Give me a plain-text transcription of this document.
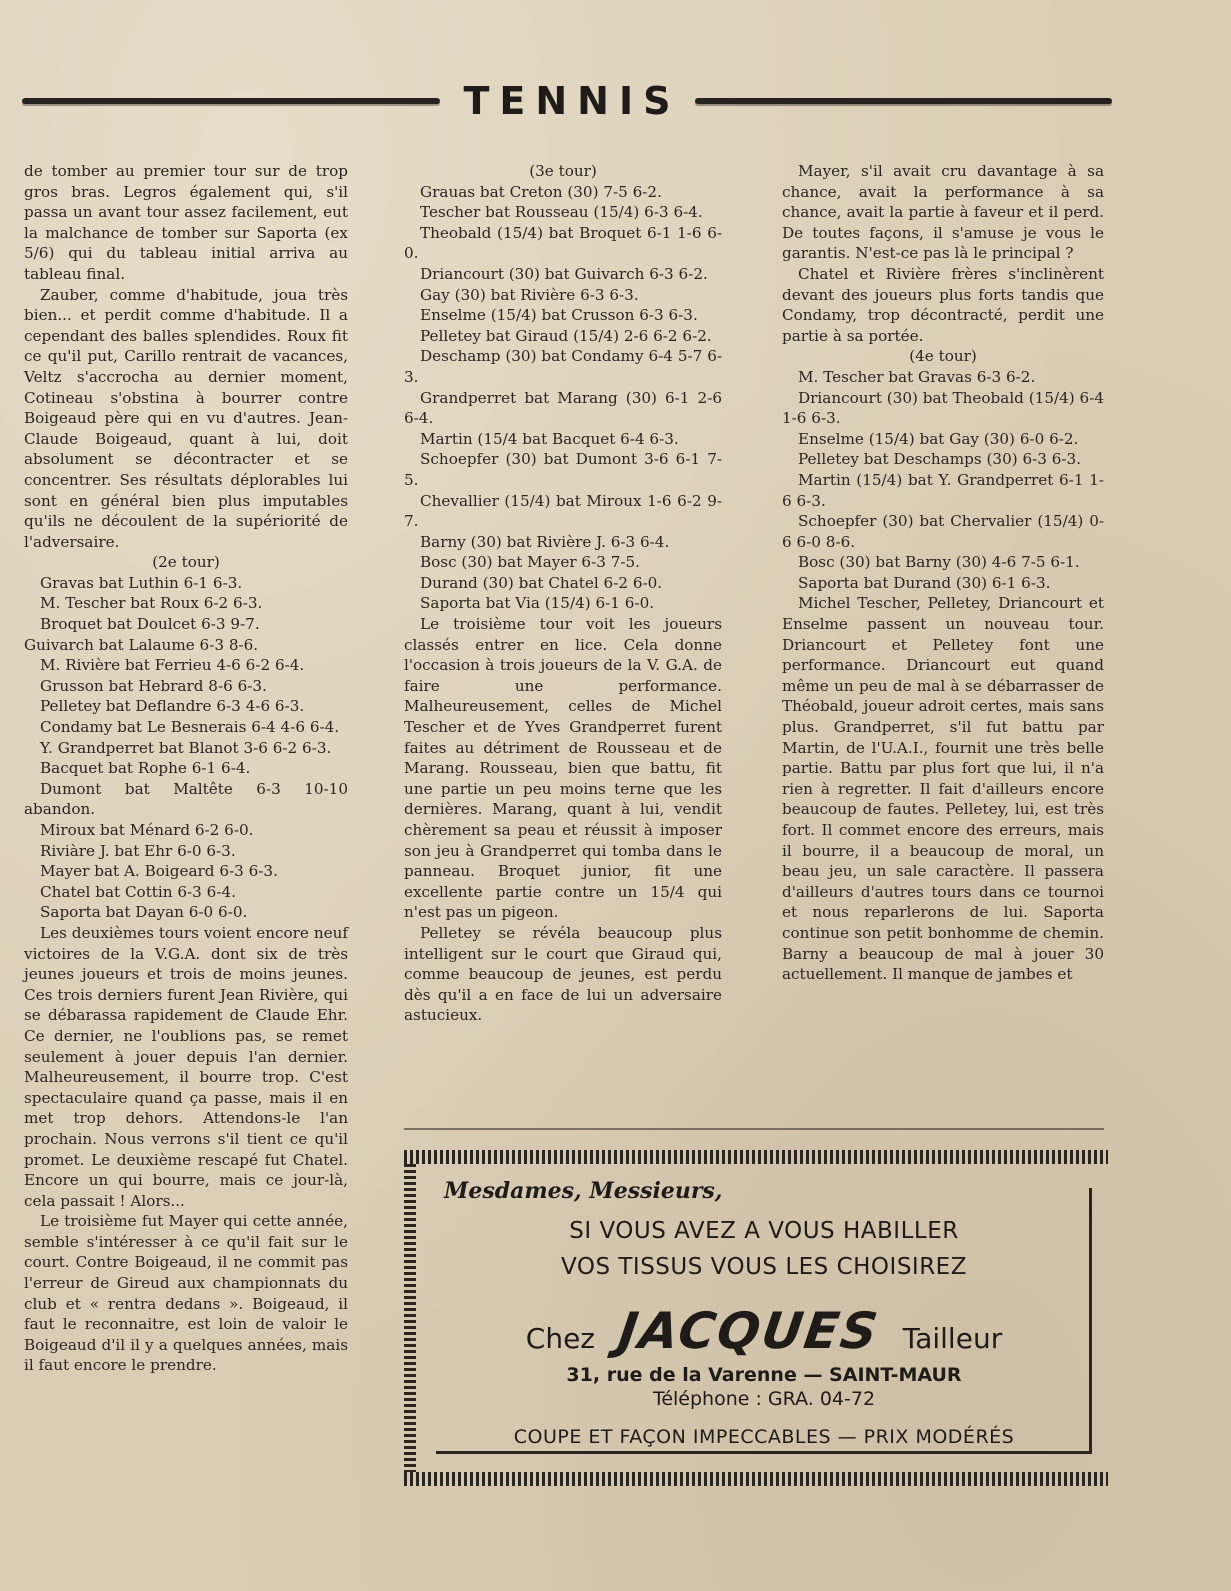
TENNIS

de tomber au premier tour sur de trop gros bras. Legros également qui, s'il passa un avant tour assez facilement, eut la malchance de tomber sur Saporta (ex 5/6) qui du tableau initial arriva au tableau final.

Zauber, comme d'habitude, joua très bien... et perdit comme d'habitude. Il a cependant des balles splendides. Roux fit ce qu'il put, Carillo rentrait de vacances, Veltz s'accrocha au dernier moment, Cotineau s'obstina à bourrer contre Boigeaud père qui en vu d'autres. Jean-Claude Boigeaud, quant à lui, doit absolument se décontracter et se concentrer. Ses résultats déplorables lui sont en général bien plus imputables qu'ils ne découlent de la supériorité de l'adversaire.

(2e tour)

Gravas bat Luthin 6-1 6-3.

M. Tescher bat Roux 6-2 6-3.

Broquet bat Doulcet 6-3 9-7.

Guivarch bat Lalaume 6-3 8-6.

M. Rivière bat Ferrieu 4-6 6-2 6-4.

Grusson bat Hebrard 8-6 6-3.

Pelletey bat Deflandre 6-3 4-6 6-3.

Condamy bat Le Besnerais 6-4 4-6 6-4.

Y. Grandperret bat Blanot 3-6 6-2 6-3.

Bacquet bat Rophe 6-1 6-4.

Dumont bat Maltête 6-3 10-10 abandon.

Miroux bat Ménard 6-2 6-0.

Riviàre J. bat Ehr 6-0 6-3.

Mayer bat A. Boigeard 6-3 6-3.

Chatel bat Cottin 6-3 6-4.

Saporta bat Dayan 6-0 6-0.

Les deuxièmes tours voient encore neuf victoires de la V.G.A. dont six de très jeunes joueurs et trois de moins jeunes. Ces trois derniers furent Jean Rivière, qui se débarassa rapidement de Claude Ehr. Ce dernier, ne l'oublions pas, se remet seulement à jouer depuis l'an dernier. Malheureusement, il bourre trop. C'est spectaculaire quand ça passe, mais il en met trop dehors. Attendons-le l'an prochain. Nous verrons s'il tient ce qu'il promet. Le deuxième rescapé fut Chatel. Encore un qui bourre, mais ce jour-là, cela passait ! Alors...

Le troisième fut Mayer qui cette année, semble s'intéresser à ce qu'il fait sur le court. Contre Boigeaud, il ne commit pas l'erreur de Gireud aux championnats du club et « rentra dedans ». Boigeaud, il faut le reconnaitre, est loin de valoir le Boigeaud d'il il y a quelques années, mais il faut encore le prendre.

(3e tour)

Grauas bat Creton (30) 7-5 6-2.

Tescher bat Rousseau (15/4) 6-3 6-4.

Theobald (15/4) bat Broquet 6-1 1-6 6-0.

Driancourt (30) bat Guivarch 6-3 6-2.

Gay (30) bat Rivière 6-3 6-3.

Enselme (15/4) bat Crusson 6-3 6-3.

Pelletey bat Giraud (15/4) 2-6 6-2 6-2.

Deschamp (30) bat Condamy 6-4 5-7 6-3.

Grandperret bat Marang (30) 6-1 2-6 6-4.

Martin (15/4 bat Bacquet 6-4 6-3.

Schoepfer (30) bat Dumont 3-6 6-1 7-5.

Chevallier (15/4) bat Miroux 1-6 6-2 9-7.

Barny (30) bat Rivière J. 6-3 6-4.

Bosc (30) bat Mayer 6-3 7-5.

Durand (30) bat Chatel 6-2 6-0.

Saporta bat Via (15/4) 6-1 6-0.

Le troisième tour voit les joueurs classés entrer en lice. Cela donne l'occasion à trois joueurs de la V. G.A. de faire une performance. Malheureusement, celles de Michel Tescher et de Yves Grandperret furent faites au détriment de Rousseau et de Marang. Rousseau, bien que battu, fit une partie un peu moins terne que les dernières. Marang, quant à lui, vendit chèrement sa peau et réussit à imposer son jeu à Grandperret qui tomba dans le panneau. Broquet junior, fit une excellente partie contre un 15/4 qui n'est pas un pigeon.

Pelletey se révéla beaucoup plus intelligent sur le court que Giraud qui, comme beaucoup de jeunes, est perdu dès qu'il a en face de lui un adversaire astucieux.

Mayer, s'il avait cru davantage à sa chance, avait la performance à sa chance, avait la partie à faveur et il perd. De toutes façons, il s'amuse je vous le garantis. N'est-ce pas là le principal ?

Chatel et Rivière frères s'inclinèrent devant des joueurs plus forts tandis que Condamy, trop décontracté, perdit une partie à sa portée.

(4e tour)

M. Tescher bat Gravas 6-3 6-2.

Driancourt (30) bat Theobald (15/4) 6-4 1-6 6-3.

Enselme (15/4) bat Gay (30) 6-0 6-2.

Pelletey bat Deschamps (30) 6-3 6-3.

Martin (15/4) bat Y. Grandperret 6-1 1-6 6-3.

Schoepfer (30) bat Chervalier (15/4) 0-6 6-0 8-6.

Bosc (30) bat Barny (30) 4-6 7-5 6-1.

Saporta bat Durand (30) 6-1 6-3.

Michel Tescher, Pelletey, Driancourt et Enselme passent un nouveau tour. Driancourt et Pelletey font une performance. Driancourt eut quand même un peu de mal à se débarrasser de Théobald, joueur adroit certes, mais sans plus. Grandperret, s'il fut battu par Martin, de l'U.A.I., fournit une très belle partie. Battu par plus fort que lui, il n'a rien à regretter. Il fait d'ailleurs encore beaucoup de fautes. Pelletey, lui, est très fort. Il commet encore des erreurs, mais il bourre, il a beaucoup de moral, un beau jeu, un sale caractère. Il passera d'ailleurs d'autres tours dans ce tournoi et nous reparlerons de lui. Saporta continue son petit bonhomme de chemin. Barny a beaucoup de mal à jouer 30 actuellement. Il manque de jambes et

Mesdames, Messieurs,
SI VOUS AVEZ A VOUS HABILLER
VOS TISSUS VOUS LES CHOISIREZ
Chez JACQUES Tailleur
31, rue de la Varenne — SAINT-MAUR
Téléphone : GRA. 04-72
COUPE ET FAÇON IMPECCABLES — PRIX MODÉRÉS
